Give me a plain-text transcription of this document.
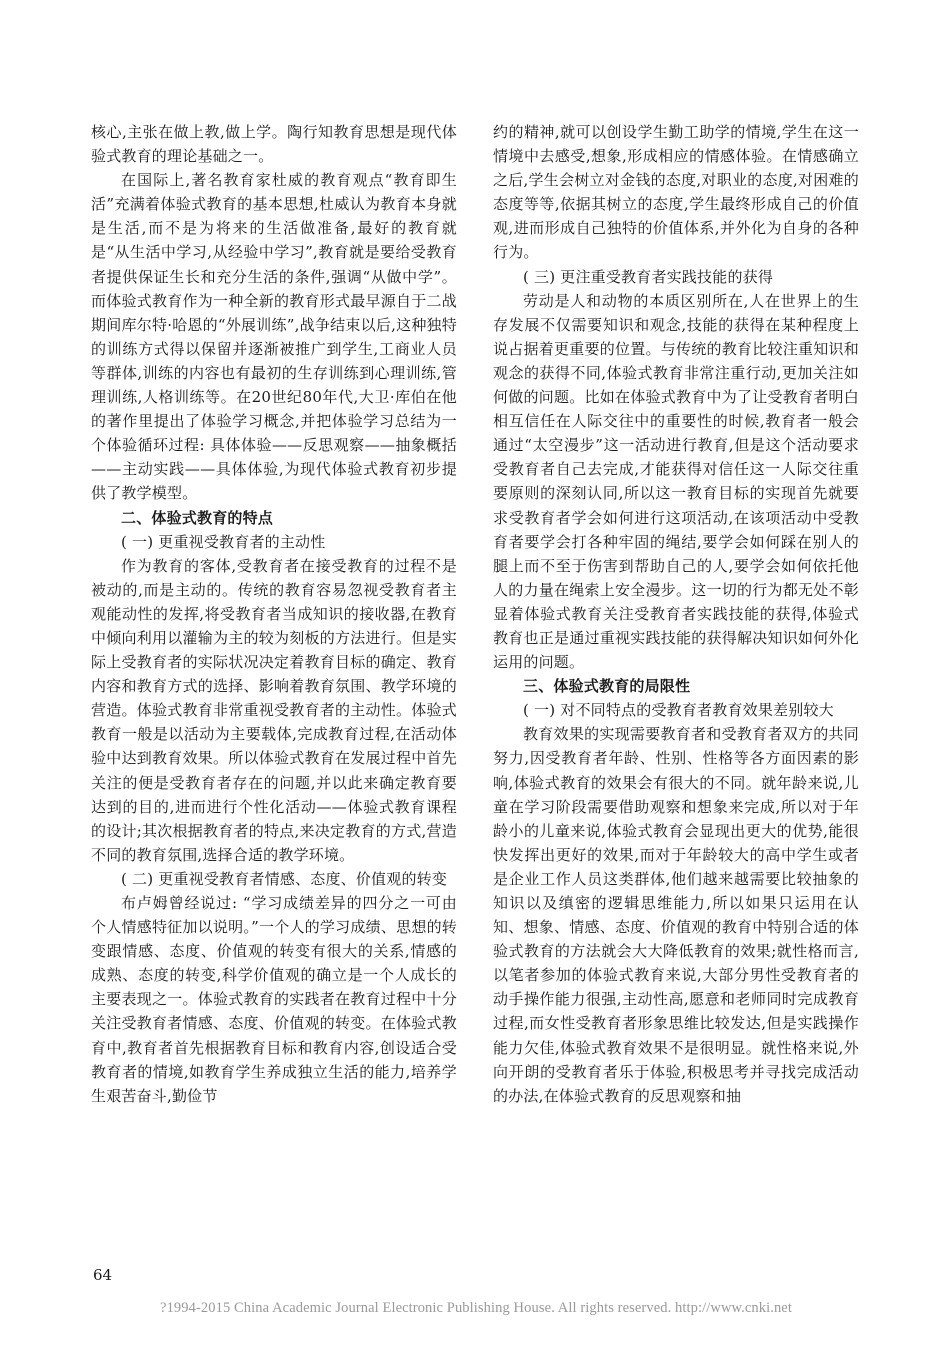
核心,主张在做上教,做上学。陶行知教育思想是现代体验式教育的理论基础之一。

在国际上,著名教育家杜威的教育观点“教育即生活”充满着体验式教育的基本思想,杜威认为教育本身就是生活,而不是为将来的生活做准备,最好的教育就是“从生活中学习,从经验中学习”,教育就是要给受教育者提供保证生长和充分生活的条件,强调“从做中学”。而体验式教育作为一种全新的教育形式最早源自于二战期间库尔特·哈恩的“外展训练”,战争结束以后,这种独特的训练方式得以保留并逐渐被推广到学生,工商业人员等群体,训练的内容也有最初的生存训练到心理训练,管理训练,人格训练等。在20世纪80年代,大卫·库伯在他的著作里提出了体验学习概念,并把体验学习总结为一个体验循环过程: 具体体验——反思观察——抽象概括——主动实践——具体体验,为现代体验式教育初步提供了教学模型。

二、体验式教育的特点
( 一) 更重视受教育者的主动性

作为教育的客体,受教育者在接受教育的过程不是被动的,而是主动的。传统的教育容易忽视受教育者主观能动性的发挥,将受教育者当成知识的接收器,在教育中倾向利用以灌输为主的较为刻板的方法进行。但是实际上受教育者的实际状况决定着教育目标的确定、教育内容和教育方式的选择、影响着教育氛围、教学环境的营造。体验式教育非常重视受教育者的主动性。体验式教育一般是以活动为主要载体,完成教育过程,在活动体验中达到教育效果。所以体验式教育在发展过程中首先关注的便是受教育者存在的问题,并以此来确定教育要达到的目的,进而进行个性化活动——体验式教育课程的设计;其次根据教育者的特点,来决定教育的方式,营造不同的教育氛围,选择合适的教学环境。

( 二) 更重视受教育者情感、态度、价值观的转变

布卢姆曾经说过: “学习成绩差异的四分之一可由个人情感特征加以说明。”一个人的学习成绩、思想的转变跟情感、态度、价值观的转变有很大的关系,情感的成熟、态度的转变,科学价值观的确立是一个人成长的主要表现之一。体验式教育的实践者在教育过程中十分关注受教育者情感、态度、价值观的转变。在体验式教育中,教育者首先根据教育目标和教育内容,创设适合受教育者的情境,如教育学生养成独立生活的能力,培养学生艰苦奋斗,勤俭节

约的精神,就可以创设学生勤工助学的情境,学生在这一情境中去感受,想象,形成相应的情感体验。在情感确立之后,学生会树立对金钱的态度,对职业的态度,对困难的态度等等,依据其树立的态度,学生最终形成自己的价值观,进而形成自己独特的价值体系,并外化为自身的各种行为。

( 三) 更注重受教育者实践技能的获得

劳动是人和动物的本质区别所在,人在世界上的生存发展不仅需要知识和观念,技能的获得在某种程度上说占据着更重要的位置。与传统的教育比较注重知识和观念的获得不同,体验式教育非常注重行动,更加关注如何做的问题。比如在体验式教育中为了让受教育者明白相互信任在人际交往中的重要性的时候,教育者一般会通过“太空漫步”这一活动进行教育,但是这个活动要求受教育者自己去完成,才能获得对信任这一人际交往重要原则的深刻认同,所以这一教育目标的实现首先就要求受教育者学会如何进行这项活动,在该项活动中受教育者要学会打各种牢固的绳结,要学会如何踩在别人的腿上而不至于伤害到帮助自己的人,要学会如何依托他人的力量在绳索上安全漫步。这一切的行为都无处不彰显着体验式教育关注受教育者实践技能的获得,体验式教育也正是通过重视实践技能的获得解决知识如何外化运用的问题。

三、体验式教育的局限性
( 一) 对不同特点的受教育者教育效果差别较大

教育效果的实现需要教育者和受教育者双方的共同努力,因受教育者年龄、性别、性格等各方面因素的影响,体验式教育的效果会有很大的不同。就年龄来说,儿童在学习阶段需要借助观察和想象来完成,所以对于年龄小的儿童来说,体验式教育会显现出更大的优势,能很快发挥出更好的效果,而对于年龄较大的高中学生或者是企业工作人员这类群体,他们越来越需要比较抽象的知识以及缜密的逻辑思维能力,所以如果只运用在认知、想象、情感、态度、价值观的教育中特别合适的体验式教育的方法就会大大降低教育的效果;就性格而言,以笔者参加的体验式教育来说,大部分男性受教育者的动手操作能力很强,主动性高,愿意和老师同时完成教育过程,而女性受教育者形象思维比较发达,但是实践操作能力欠佳,体验式教育效果不是很明显。就性格来说,外向开朗的受教育者乐于体验,积极思考并寻找完成活动的办法,在体验式教育的反思观察和抽

64
?1994-2015 China Academic Journal Electronic Publishing House. All rights reserved. http://www.cnki.net
